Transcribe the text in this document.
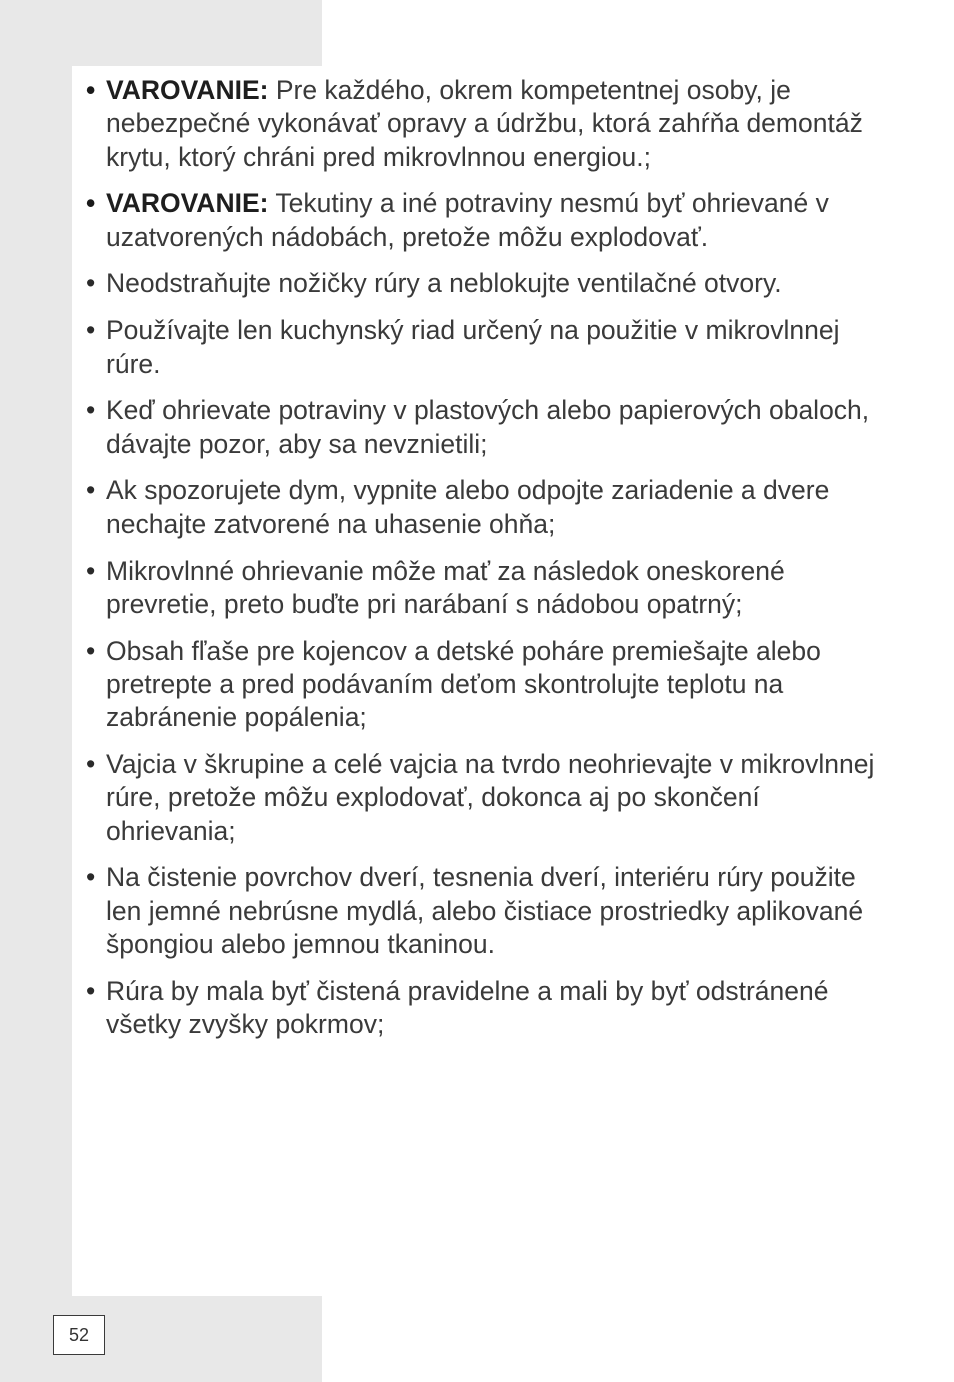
• VAROVANIE: Pre každého, okrem kompetentnej osoby, je nebezpečné vykonávať opravy a údržbu, ktorá zahŕňa demontáž krytu, ktorý chráni pred mikrovlnnou energiou.;
• VAROVANIE: Tekutiny a iné potraviny nesmú byť ohrievané v uzatvorených nádobách, pretože môžu explodovať.
• Neodstraňujte nožičky rúry a neblokujte ventilačné otvory.
• Používajte len kuchynský riad určený na použitie v mikrovlnnej rúre.
• Keď ohrievate potraviny v plastových alebo papierových obaloch, dávajte pozor, aby sa nevznietili;
• Ak spozorujete dym, vypnite alebo odpojte zariadenie a dvere nechajte zatvorené na uhasenie ohňa;
• Mikrovlnné ohrievanie môže mať za následok oneskorené prevretie, preto buďte pri narábaní s nádobou opatrný;
• Obsah fľaše pre kojencov a detské poháre premiešajte alebo pretrepte a pred podávaním deťom skontrolujte teplotu na zabránenie popálenia;
• Vajcia v škrupine a celé vajcia na tvrdo neohrievajte v mikrovlnnej rúre, pretože môžu explodovať, dokonca aj po skončení ohrievania;
• Na čistenie povrchov dverí, tesnenia dverí, interiéru rúry použite len jemné nebrúsne mydlá, alebo čistiace prostriedky aplikované špongiou alebo jemnou tkaninou.
• Rúra by mala byť čistená pravidelne a mali by byť odstránené všetky zvyšky pokrmov;
52
